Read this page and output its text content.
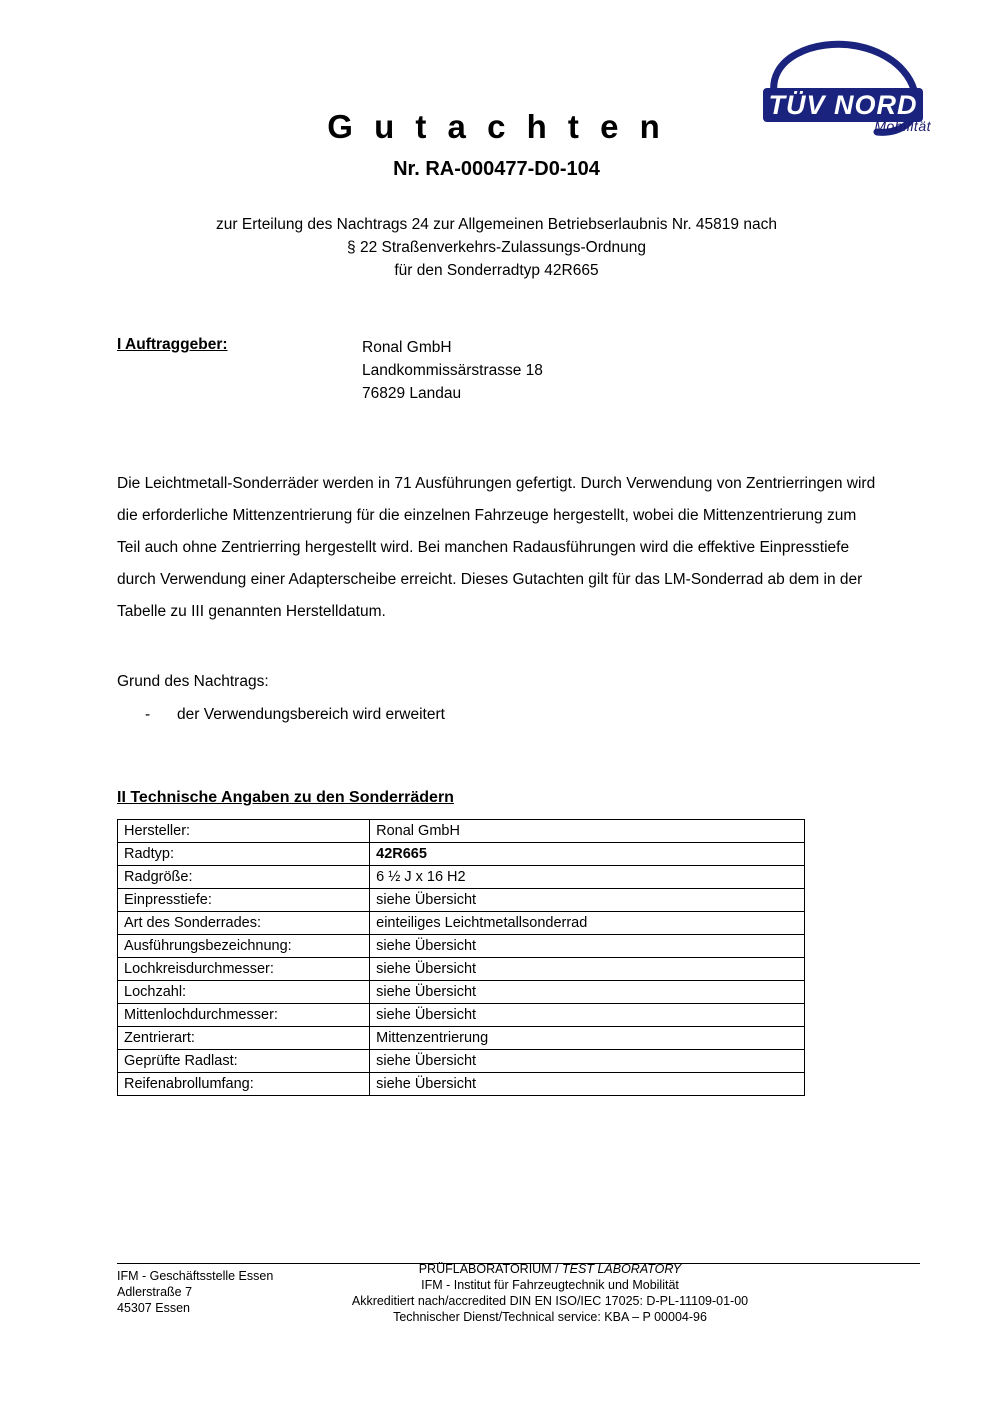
TÜV NORD
Mobilität
G u t a c h t e n
Nr. RA-000477-D0-104
zur Erteilung des Nachtrags 24 zur Allgemeinen Betriebserlaubnis Nr. 45819 nach
§ 22 Straßenverkehrs-Zulassungs-Ordnung
für den Sonderradtyp 42R665
I Auftraggeber:	Ronal GmbH
Landkommissärstrasse 18
76829 Landau
Die Leichtmetall-Sonderräder werden in 71 Ausführungen gefertigt. Durch Verwendung von Zentrierringen wird die erforderliche Mittenzentrierung für die einzelnen Fahrzeuge hergestellt, wobei die Mittenzentrierung zum Teil auch ohne Zentrierring hergestellt wird. Bei manchen Radausführungen wird die effektive Einpresstiefe durch Verwendung einer Adapterscheibe erreicht. Dieses Gutachten gilt für das LM-Sonderrad ab dem in der Tabelle zu III genannten Herstelldatum.
Grund des Nachtrags:
- der Verwendungsbereich wird erweitert
II Technische Angaben zu den Sonderrädern
Hersteller:	Ronal GmbH
Radtyp:	42R665
Radgröße:	6 ½ J x 16 H2
Einpresstiefe:	siehe Übersicht
Art des Sonderrades:	einteiliges Leichtmetallsonderrad
Ausführungsbezeichnung:	siehe Übersicht
Lochkreisdurchmesser:	siehe Übersicht
Lochzahl:	siehe Übersicht
Mittenlochdurchmesser:	siehe Übersicht
Zentrierart:	Mittenzentrierung
Geprüfte Radlast:	siehe Übersicht
Reifenabrollumfang:	siehe Übersicht
IFM - Geschäftsstelle Essen
Adlerstraße 7
45307 Essen
PRÜFLABORATORIUM / TEST LABORATORY
IFM - Institut für Fahrzeugtechnik und Mobilität
Akkreditiert nach/accredited DIN EN ISO/IEC 17025: D-PL-11109-01-00
Technischer Dienst/Technical service: KBA – P 00004-96
